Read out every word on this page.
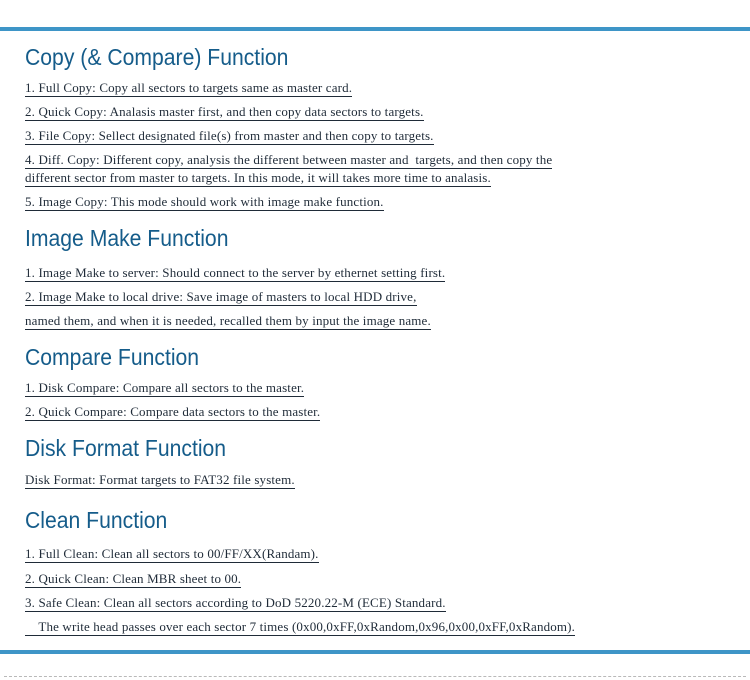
Copy (& Compare) Function

1. Full Copy: Copy all sectors to targets same as master card.

2. Quick Copy: Analasis master first, and then copy data sectors to targets.

3. File Copy: Sellect designated file(s) from master and then copy to targets.

4. Diff. Copy: Different copy, analysis the different between master and  targets, and then copy the

different sector from master to targets. In this mode, it will takes more time to analasis.

5. Image Copy: This mode should work with image make function.

Image Make Function

1. Image Make to server: Should connect to the server by ethernet setting first.

2. Image Make to local drive: Save image of masters to local HDD drive,

named them, and when it is needed, recalled them by input the image name.

Compare Function

1. Disk Compare: Compare all sectors to the master.

2. Quick Compare: Compare data sectors to the master.

Disk Format Function

Disk Format: Format targets to FAT32 file system.

Clean Function

1. Full Clean: Clean all sectors to 00/FF/XX(Randam).

2. Quick Clean: Clean MBR sheet to 00.

3. Safe Clean: Clean all sectors according to DoD 5220.22-M (ECE) Standard.

The write head passes over each sector 7 times (0x00,0xFF,0xRandom,0x96,0x00,0xFF,0xRandom).
